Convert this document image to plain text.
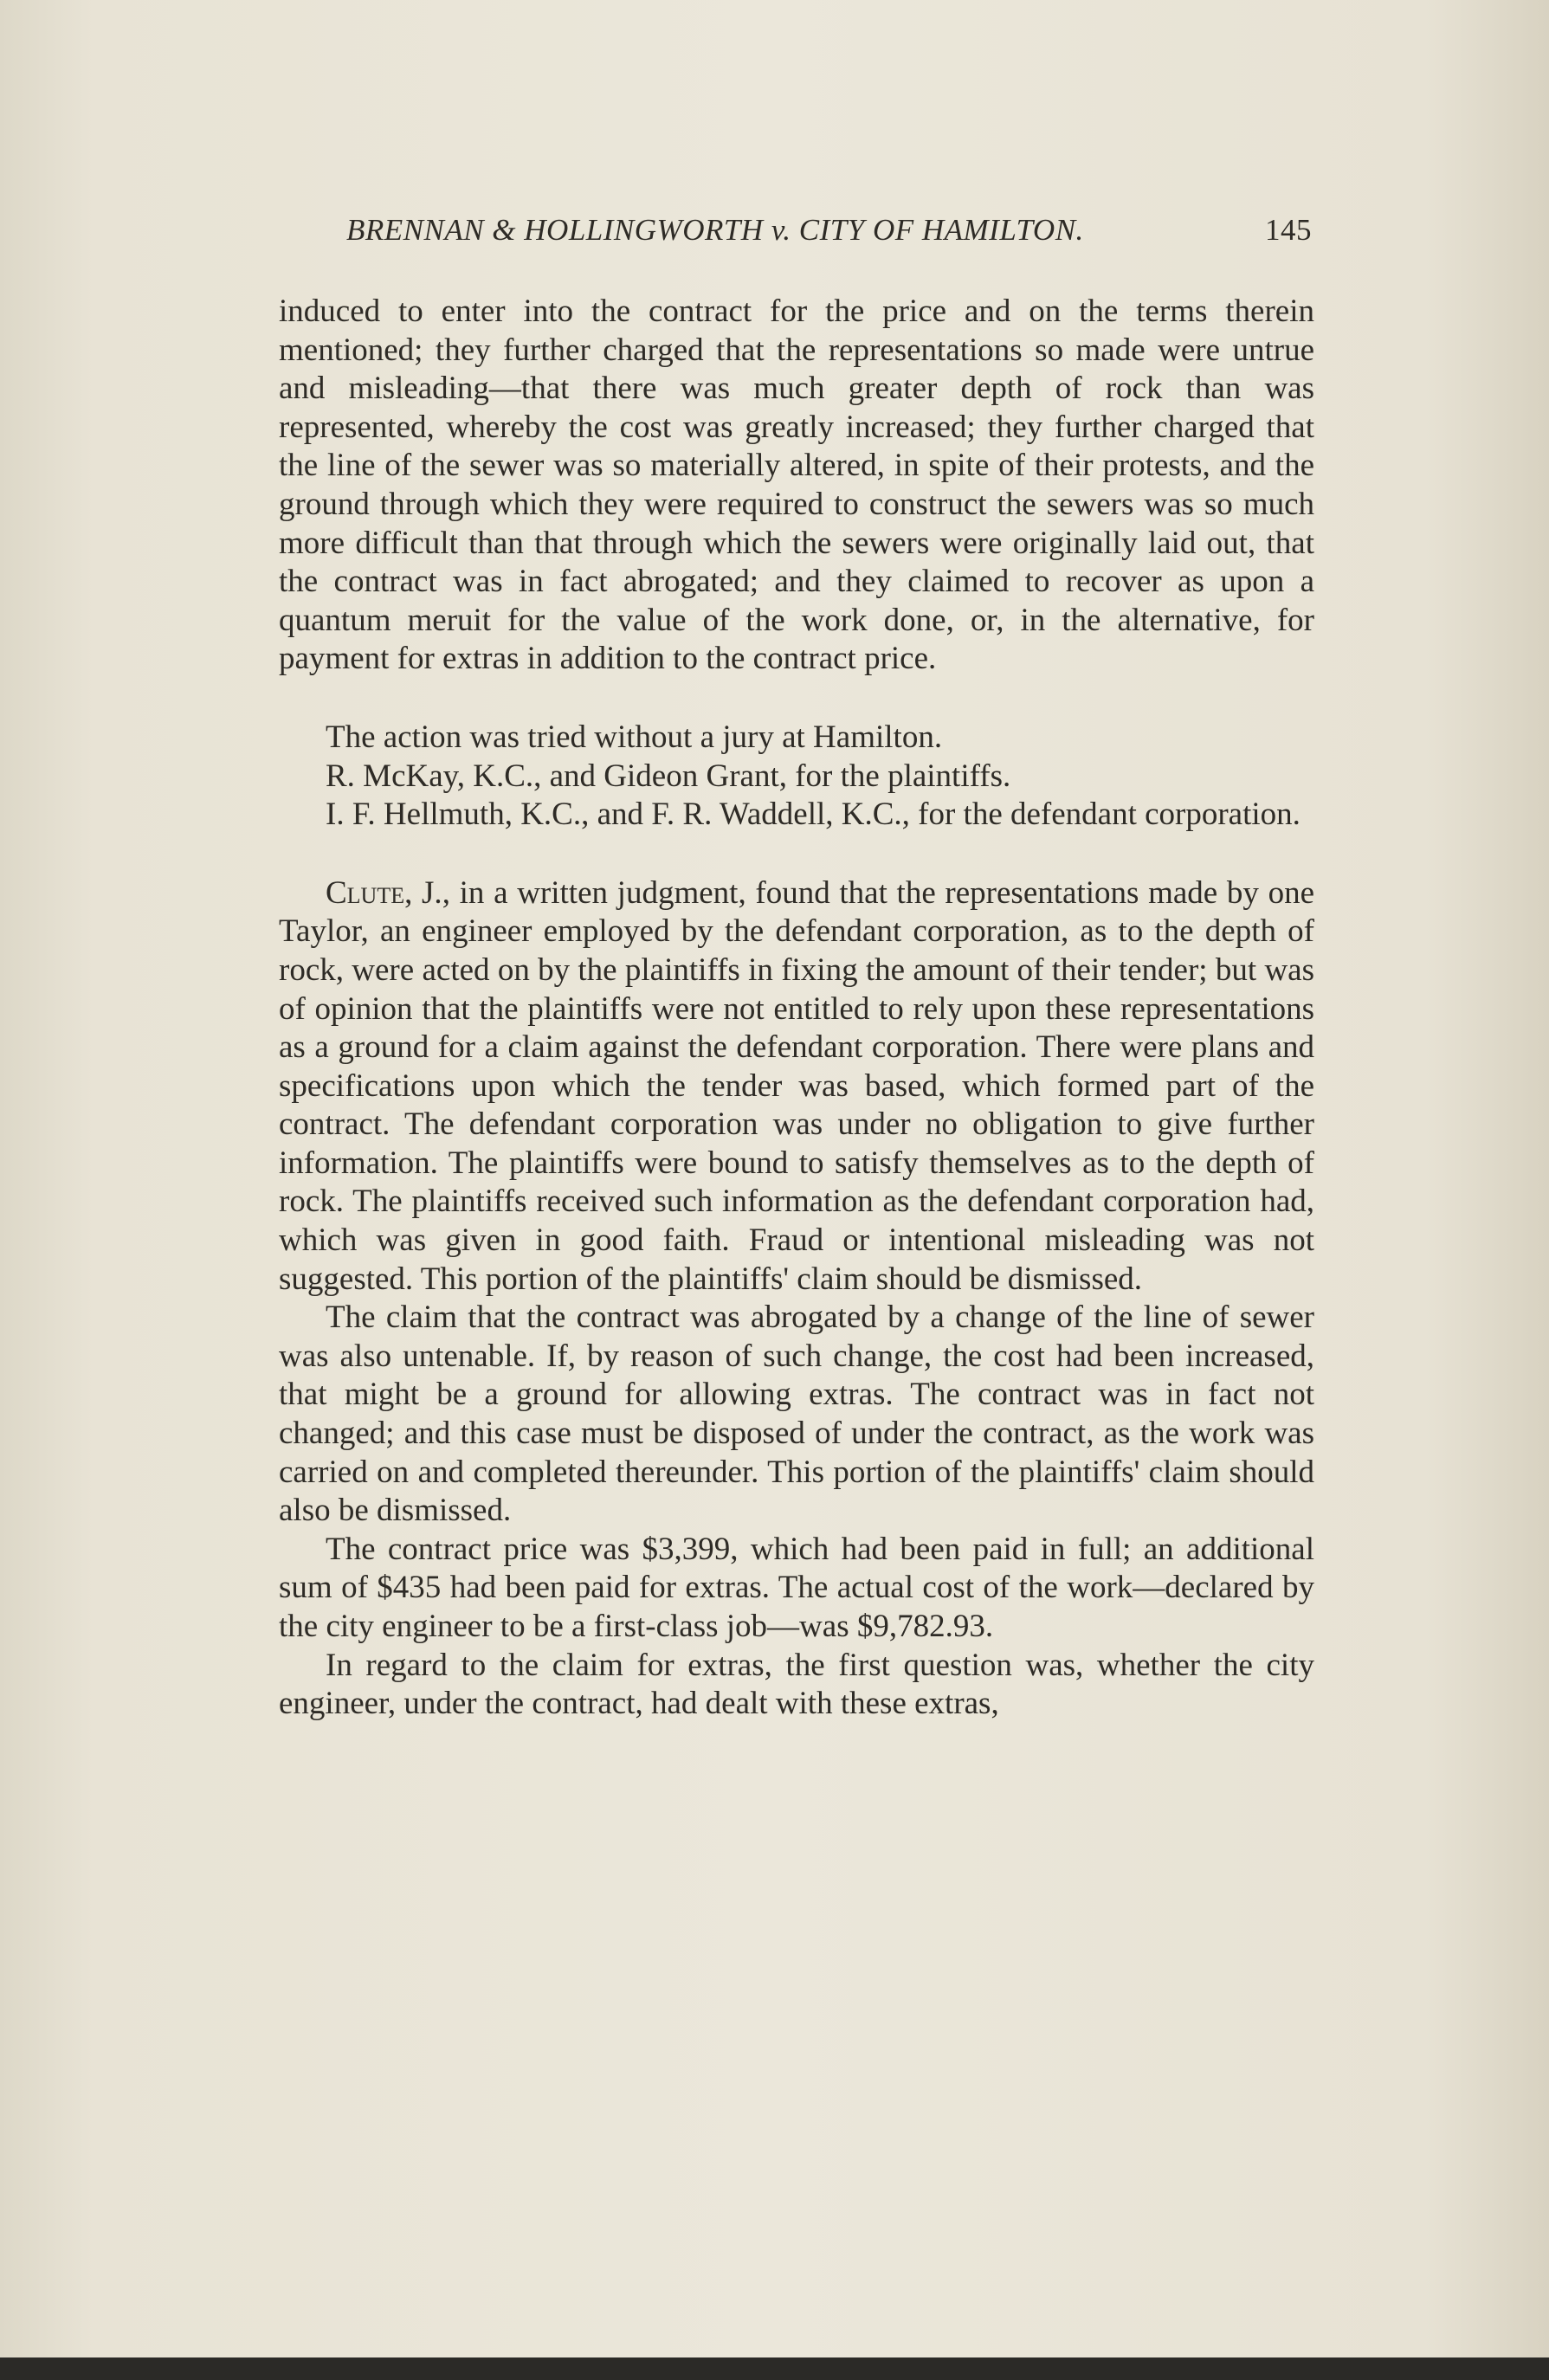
BRENNAN & HOLLINGWORTH v. CITY OF HAMILTON.	145

induced to enter into the contract for the price and on the terms therein mentioned; they further charged that the representations so made were untrue and misleading—that there was much greater depth of rock than was represented, whereby the cost was greatly increased; they further charged that the line of the sewer was so materially altered, in spite of their protests, and the ground through which they were required to construct the sewers was so much more difficult than that through which the sewers were originally laid out, that the contract was in fact abrogated; and they claimed to recover as upon a quantum meruit for the value of the work done, or, in the alternative, for payment for extras in addition to the contract price.

The action was tried without a jury at Hamilton.

R. McKay, K.C., and Gideon Grant, for the plaintiffs.

I. F. Hellmuth, K.C., and F. R. Waddell, K.C., for the defendant corporation.

Clute, J., in a written judgment, found that the representations made by one Taylor, an engineer employed by the defendant corporation, as to the depth of rock, were acted on by the plaintiffs in fixing the amount of their tender; but was of opinion that the plaintiffs were not entitled to rely upon these representations as a ground for a claim against the defendant corporation. There were plans and specifications upon which the tender was based, which formed part of the contract. The defendant corporation was under no obligation to give further information. The plaintiffs were bound to satisfy themselves as to the depth of rock. The plaintiffs received such information as the defendant corporation had, which was given in good faith. Fraud or intentional misleading was not suggested. This portion of the plaintiffs' claim should be dismissed.

The claim that the contract was abrogated by a change of the line of sewer was also untenable. If, by reason of such change, the cost had been increased, that might be a ground for allowing extras. The contract was in fact not changed; and this case must be disposed of under the contract, as the work was carried on and completed thereunder. This portion of the plaintiffs' claim should also be dismissed.

The contract price was $3,399, which had been paid in full; an additional sum of $435 had been paid for extras. The actual cost of the work—declared by the city engineer to be a first-class job—was $9,782.93.

In regard to the claim for extras, the first question was, whether the city engineer, under the contract, had dealt with these extras,
